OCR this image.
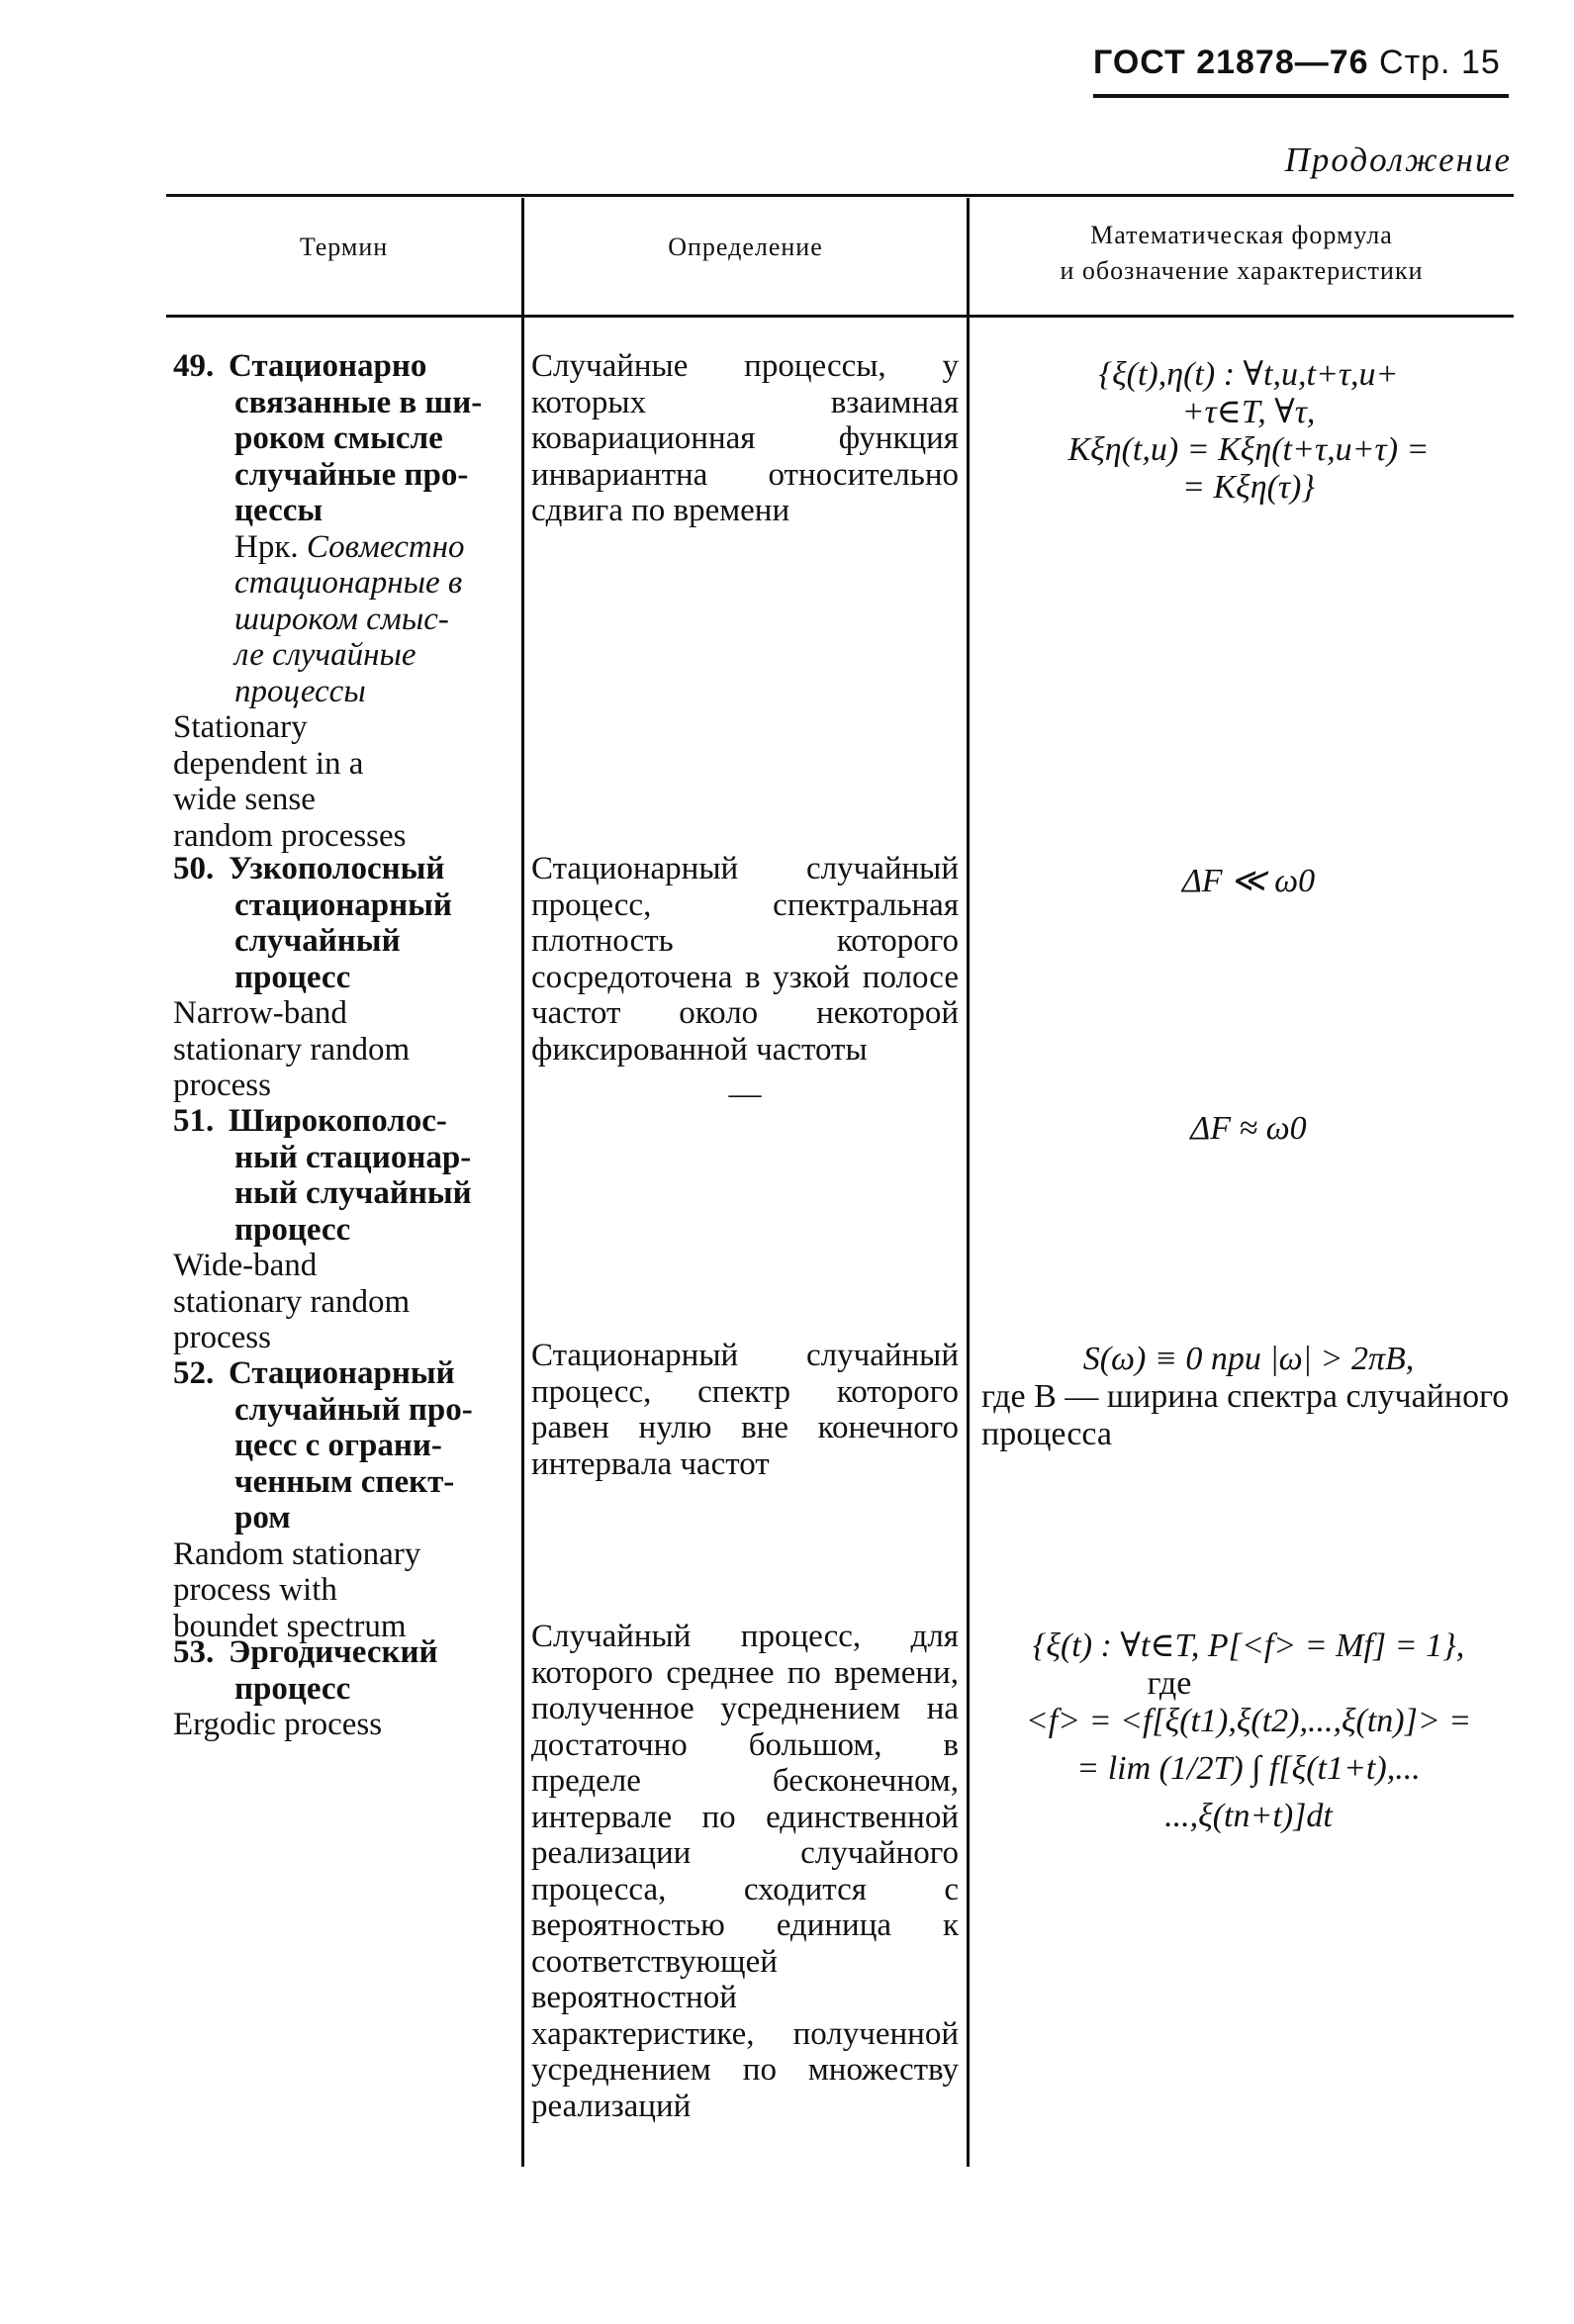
ГОСТ 21878—76 Стр. 15
Продолжение
Термин	Определение	Математическая формула
и обозначение характеристики
49. Стационарно
связанные в ши-
роком смысле
случайные про-
цессы
Нрк. Совместно
стационарные в
широком смыс-
ле случайные
процессы
Stationary
dependent in a
wide sense
random processes
Случайные процессы, у которых взаимная ковариационная функция инвариантна относительно сдвига по времени
{ξ(t),η(t) : ∀t,u,t+τ,u+
+τ∈T, ∀τ,
Kξη(t,u) = Kξη(t+τ,u+τ) =
= Kξη(τ)}
50. Узкополосный
стационарный
случайный
процесс
Narrow-band
stationary random
process
Стационарный случайный процесс, спектральная плотность которого сосредоточена в узкой полосе частот около некоторой фиксированной частоты
ΔF ≪ ω0
51. Широкополос-
ный стационар-
ный случайный
процесс
Wide-band
stationary random
process
—
ΔF ≈ ω0
52. Стационарный
случайный про-
цесс с ограни-
ченным спект-
ром
Random stationary
process with
boundet spectrum
Стационарный случайный процесс, спектр которого равен нулю вне конечного интервала частот
S(ω) ≡ 0 при |ω| > 2πB,
где B — ширина спектра случайного процесса
53. Эргодический
процесс
Ergodic process
Случайный процесс, для которого среднее по времени, полученное усреднением на достаточно большом, в пределе бесконечном, интервале по единственной реализации случайного процесса, сходится с вероятностью единица к соответствующей вероятностной характеристике, полученной усреднением по множеству реализаций
{ξ(t) : ∀t∈T, P[<f> = Mf] = 1},
где
<f> = <f[ξ(t1),ξ(t2),...,ξ(tn)]> =
= lim (1/2T) ∫ f[ξ(t1+t),...
...,ξ(tn+t)]dt
